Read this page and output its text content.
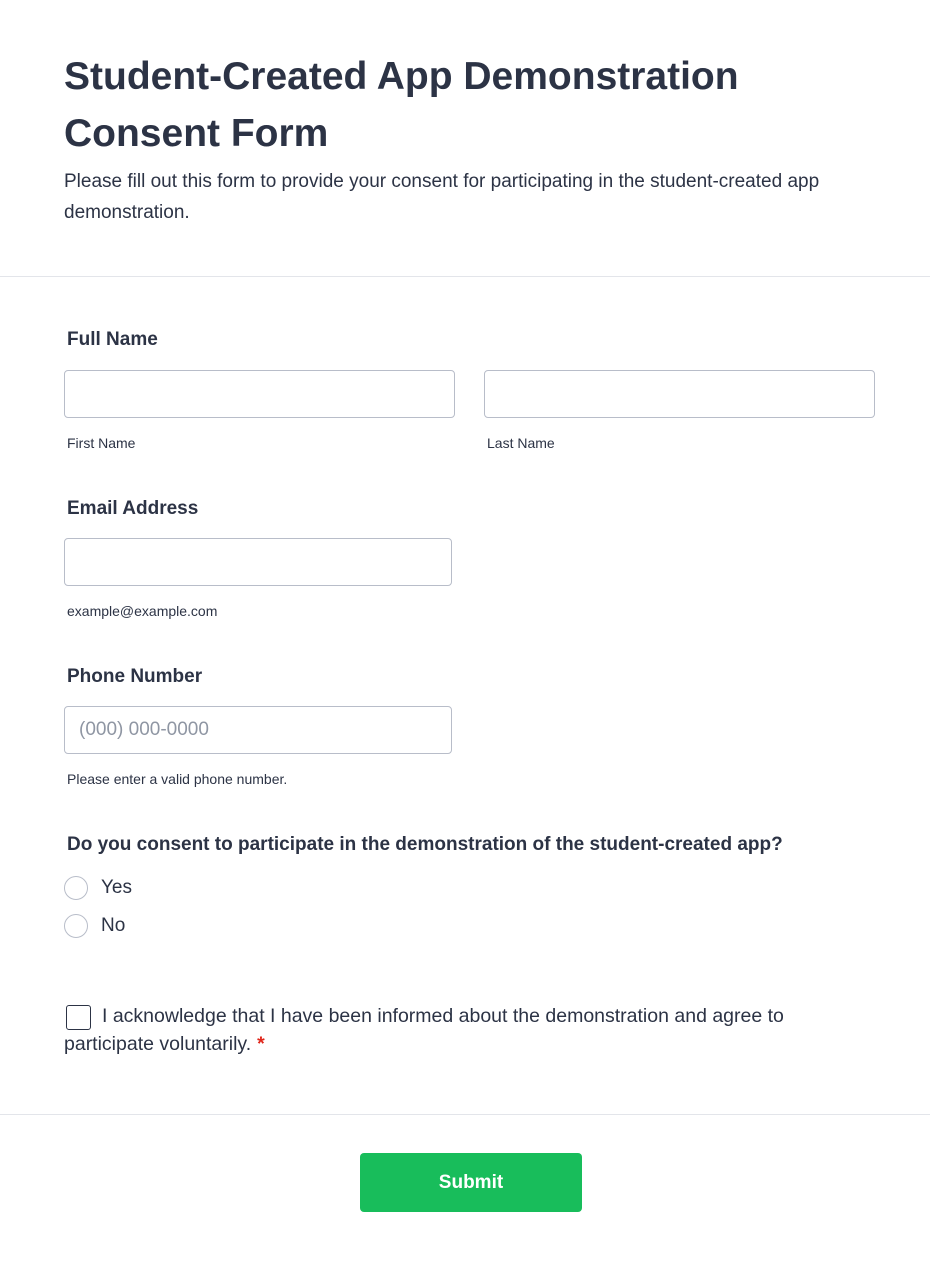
Student-Created App Demonstration Consent Form

Please fill out this form to provide your consent for participating in the student-created app demonstration.

Full Name

First Name	Last Name

Email Address

example@example.com

Phone Number

(000) 000-0000

Please enter a valid phone number.

Do you consent to participate in the demonstration of the student-created app?

Yes
No

I acknowledge that I have been informed about the demonstration and agree to participate voluntarily. *

Submit
